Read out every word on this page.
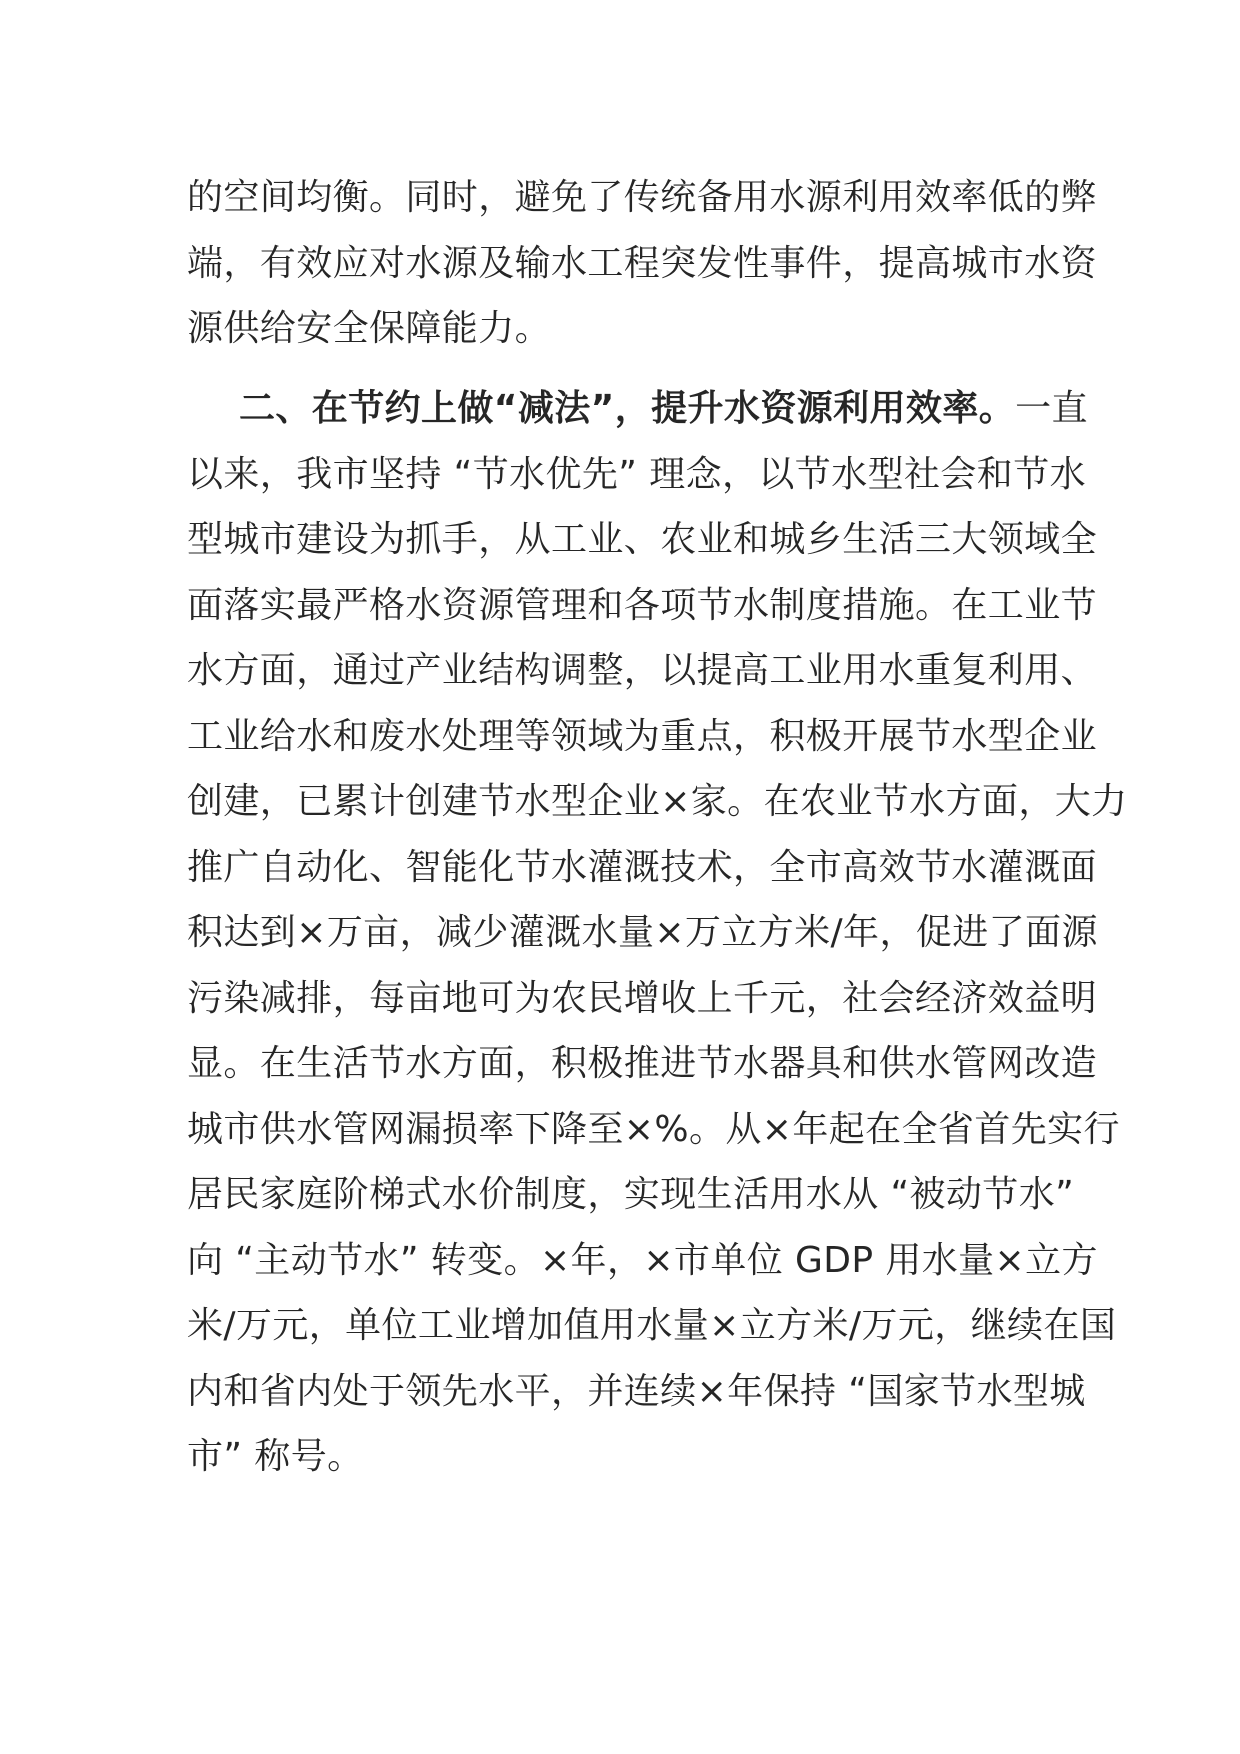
的空间均衡。同时，避免了传统备用水源利用效率低的弊
端，有效应对水源及输水工程突发性事件，提高城市水资
源供给安全保障能力。
二、在节约上做“减法”，提升水资源利用效率。一直
以来，我市坚持 “节水优先” 理念，以节水型社会和节水
型城市建设为抓手，从工业、农业和城乡生活三大领域全
面落实最严格水资源管理和各项节水制度措施。在工业节
水方面，通过产业结构调整，以提高工业用水重复利用、
工业给水和废水处理等领域为重点，积极开展节水型企业
创建，已累计创建节水型企业×家。在农业节水方面，大力
推广自动化、智能化节水灌溉技术，全市高效节水灌溉面
积达到×万亩，减少灌溉水量×万立方米/年，促进了面源
污染减排，每亩地可为农民增收上千元，社会经济效益明
显。在生活节水方面，积极推进节水器具和供水管网改造
城市供水管网漏损率下降至×%。从×年起在全省首先实行
居民家庭阶梯式水价制度，实现生活用水从 “被动节水”
向 “主动节水” 转变。×年，×市单位 GDP 用水量×立方
米/万元，单位工业增加值用水量×立方米/万元，继续在国
内和省内处于领先水平，并连续×年保持 “国家节水型城
市” 称号。
